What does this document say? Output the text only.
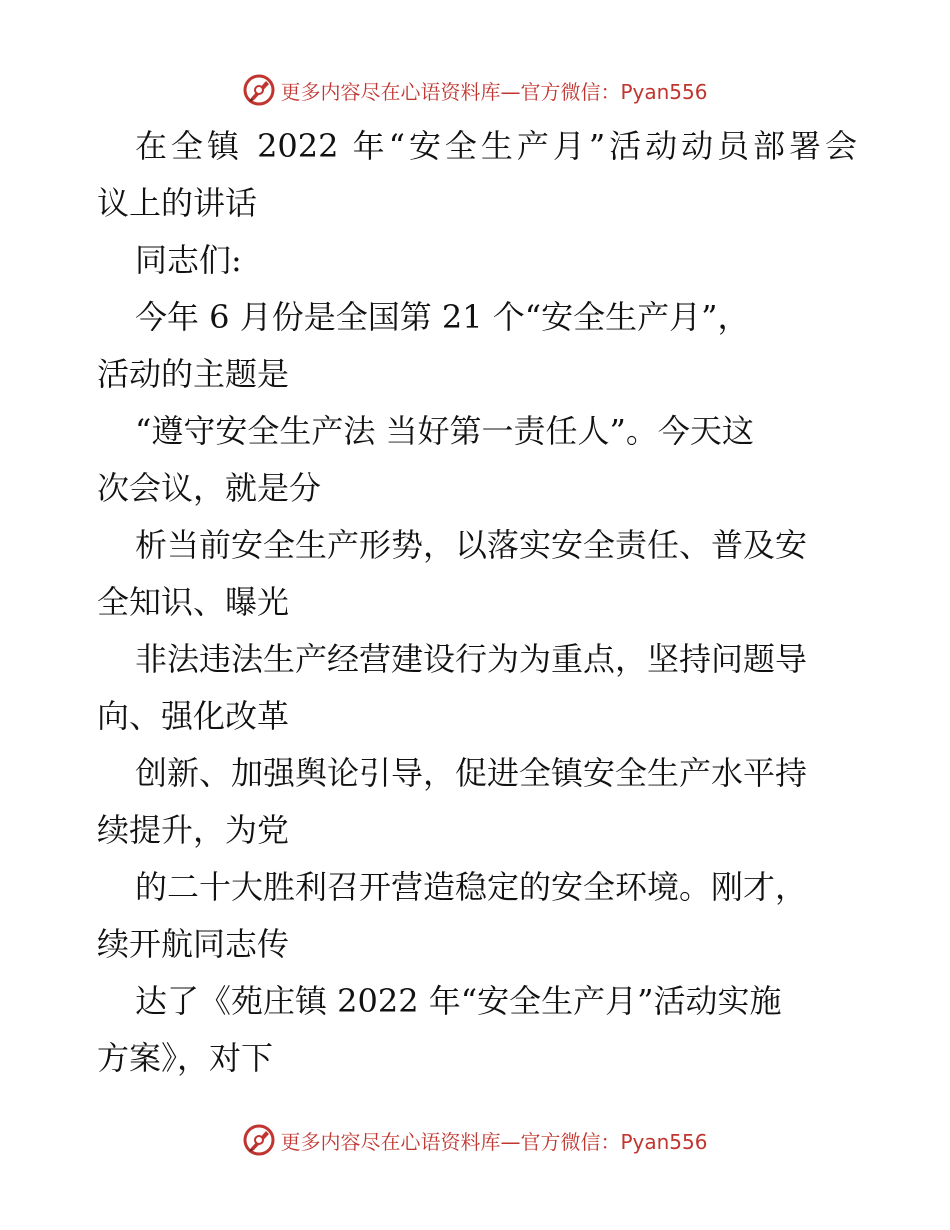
更多内容尽在心语资料库—官方微信：Pyan556
在全镇 2022 年“安全生产月”活动动员部署会
议上的讲话
同志们:
今年 6 月份是全国第 21 个“安全生产月”，
活动的主题是
“遵守安全生产法 当好第一责任人”。今天这
次会议，就是分
析当前安全生产形势，以落实安全责任、普及安
全知识、曝光
非法违法生产经营建设行为为重点，坚持问题导
向、强化改革
创新、加强舆论引导，促进全镇安全生产水平持
续提升，为党
的二十大胜利召开营造稳定的安全环境。刚才，
续开航同志传
达了《苑庄镇 2022 年“安全生产月”活动实施
方案》，对下
更多内容尽在心语资料库—官方微信：Pyan556
